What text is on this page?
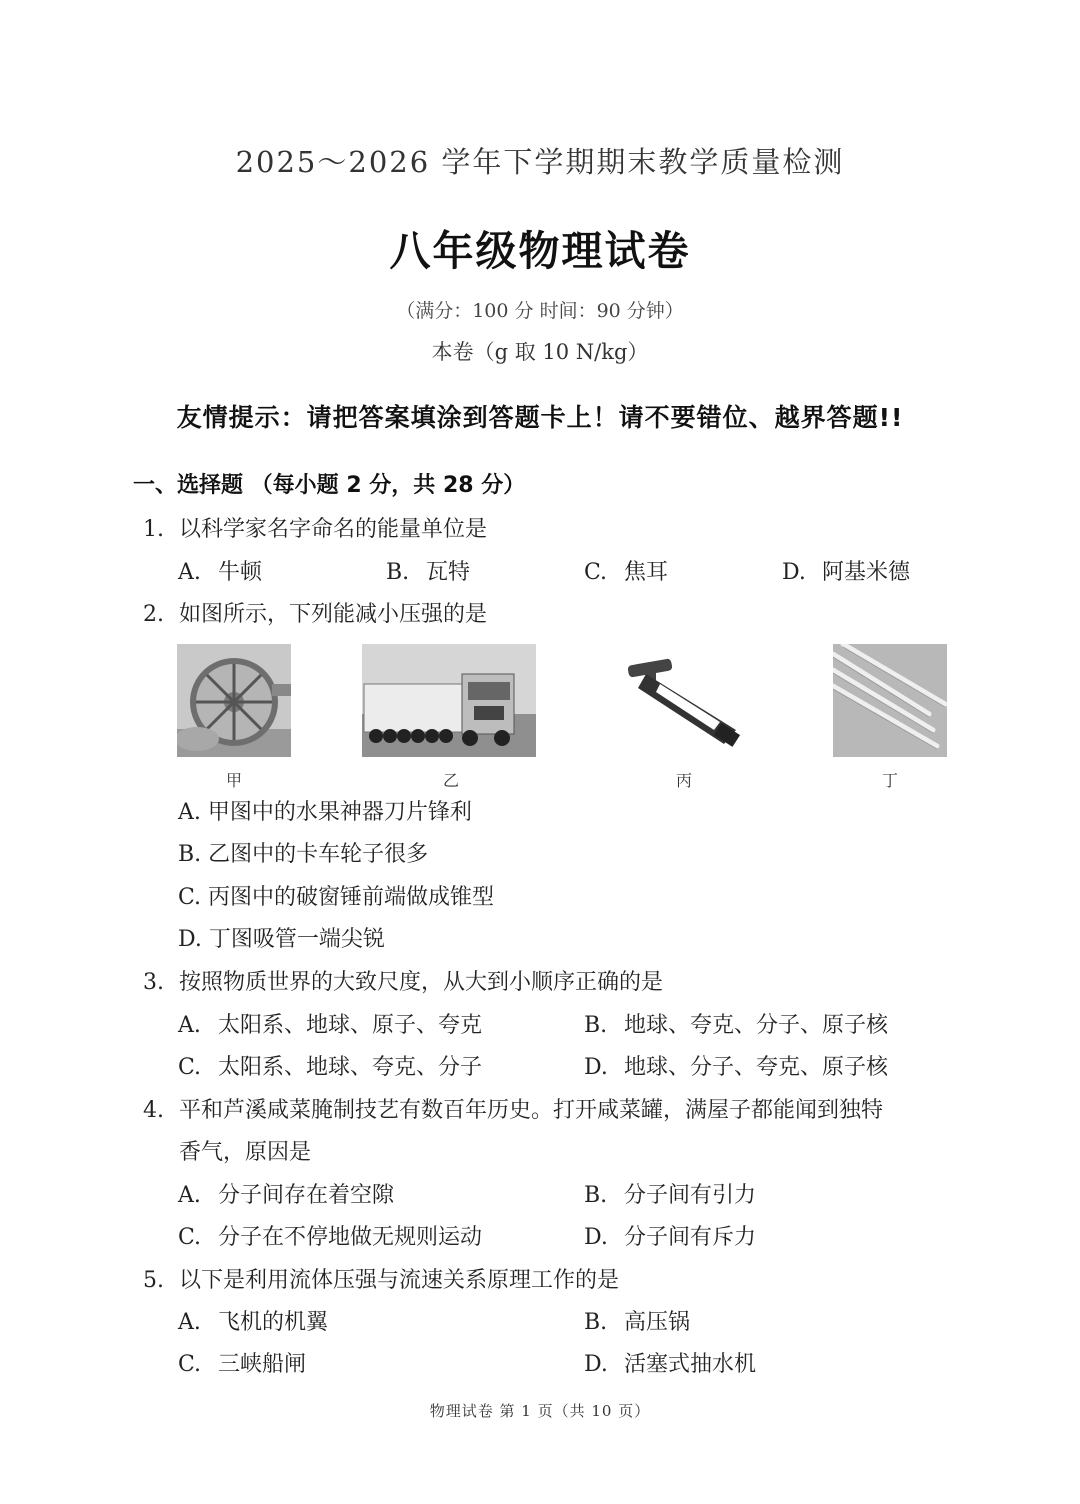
2025～2026 学年下学期期末教学质量检测
八年级物理试卷
（满分：100 分 时间：90 分钟）
本卷（g 取 10 N/kg）
友情提示：请把答案填涂到答题卡上！请不要错位、越界答题!!
一、选择题 （每小题 2 分，共 28 分）
1. 以科学家名字命名的能量单位是
A. 牛顿	B. 瓦特	C. 焦耳	D. 阿基米德
2. 如图所示，下列能减小压强的是
甲	乙	丙	丁
A. 甲图中的水果神器刀片锋利
B. 乙图中的卡车轮子很多
C. 丙图中的破窗锤前端做成锥型
D. 丁图吸管一端尖锐
3. 按照物质世界的大致尺度，从大到小顺序正确的是
A. 太阳系、地球、原子、夸克	B. 地球、夸克、分子、原子核
C. 太阳系、地球、夸克、分子	D. 地球、分子、夸克、原子核
4. 平和芦溪咸菜腌制技艺有数百年历史。打开咸菜罐，满屋子都能闻到独特
香气，原因是
A. 分子间存在着空隙	B. 分子间有引力
C. 分子在不停地做无规则运动	D. 分子间有斥力
5. 以下是利用流体压强与流速关系原理工作的是
A. 飞机的机翼	B. 高压锅
C. 三峡船闸	D. 活塞式抽水机
物理试卷 第 1 页（共 10 页）
